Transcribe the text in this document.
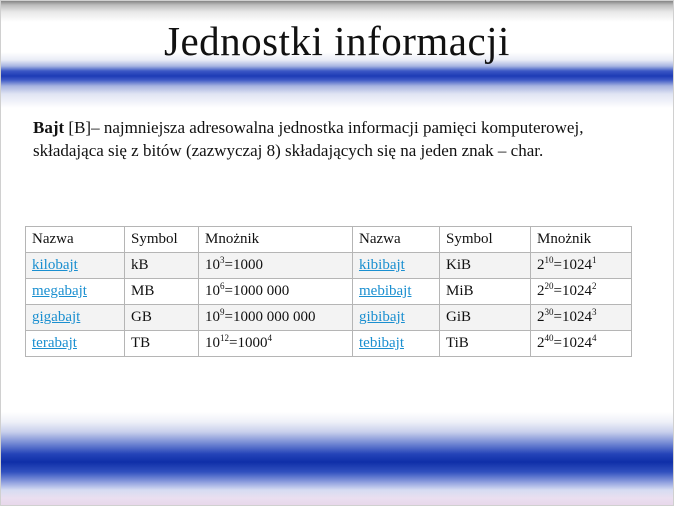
Jednostki informacji
Bajt [B]– najmniejsza adresowalna jednostka informacji pamięci komputerowej, składająca się z bitów (zazwyczaj 8) składających się na jeden znak – char.
Nazwa	Symbol	Mnożnik	Nazwa	Symbol	Mnożnik
kilobajt	kB	$10^3=1000$	kibibajt	KiB	$2^{10}=1024^1$
megabajt	MB	$10^6=1000$ 000	mebibajt	MiB	$2^{20}=1024^2$
gigabajt	GB	$10^9=1000$ 000 000	gibibajt	GiB	$2^{30}=1024^3$
terabajt	TB	$10^{12}=1000^4$	tebibajt	TiB	$2^{40}=1024^4$
